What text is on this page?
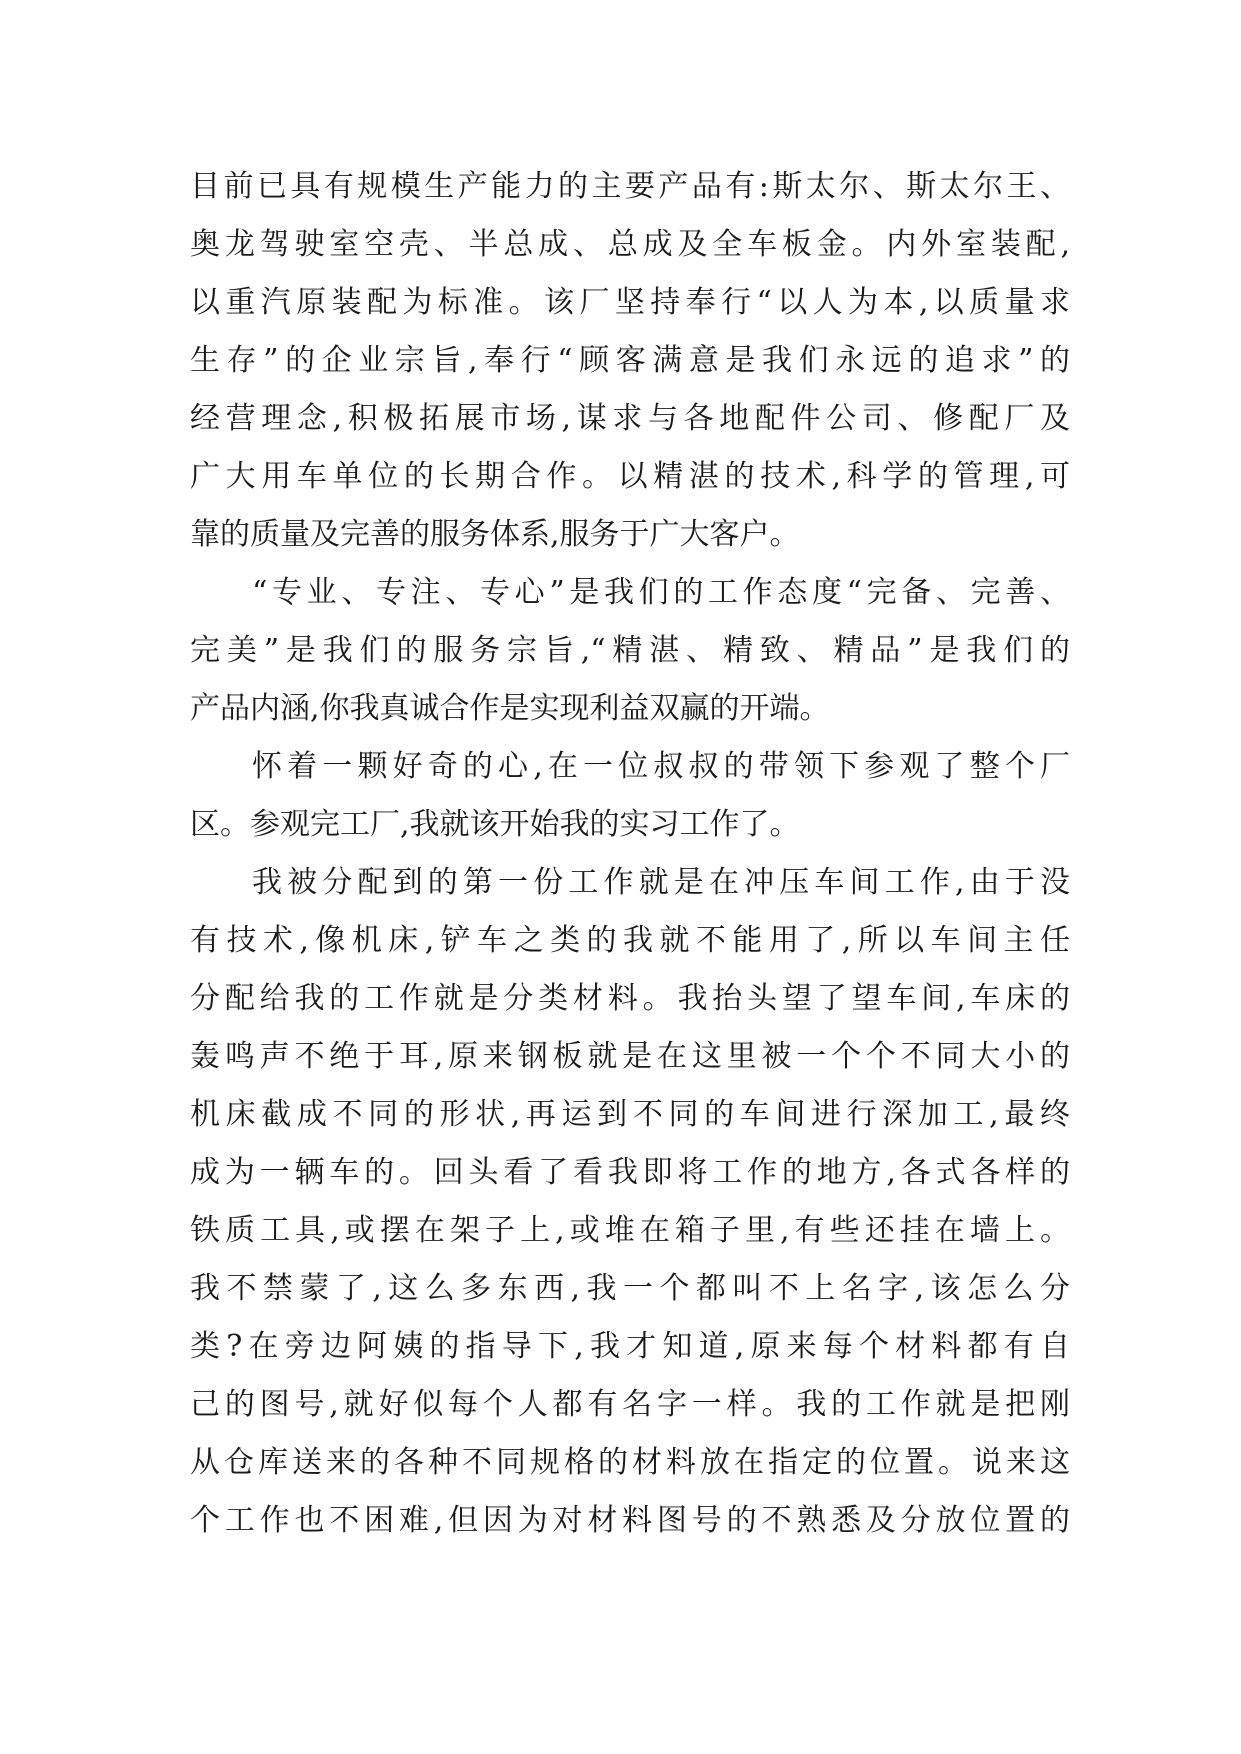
目前已具有规模生产能力的主要产品有:斯太尔、斯太尔王、
奥龙驾驶室空壳、半总成、总成及全车板金。内外室装配,
以重汽原装配为标准。该厂坚持奉行“以人为本,以质量求
生存”的企业宗旨,奉行“顾客满意是我们永远的追求”的
经营理念,积极拓展市场,谋求与各地配件公司、修配厂及
广大用车单位的长期合作。以精湛的技术,科学的管理,可
靠的质量及完善的服务体系,服务于广大客户。
“专业、专注、专心”是我们的工作态度“完备、完善、
完美”是我们的服务宗旨,“精湛、精致、精品”是我们的
产品内涵,你我真诚合作是实现利益双赢的开端。
怀着一颗好奇的心,在一位叔叔的带领下参观了整个厂
区。参观完工厂,我就该开始我的实习工作了。
我被分配到的第一份工作就是在冲压车间工作,由于没
有技术,像机床,铲车之类的我就不能用了,所以车间主任
分配给我的工作就是分类材料。我抬头望了望车间,车床的
轰鸣声不绝于耳,原来钢板就是在这里被一个个不同大小的
机床截成不同的形状,再运到不同的车间进行深加工,最终
成为一辆车的。回头看了看我即将工作的地方,各式各样的
铁质工具,或摆在架子上,或堆在箱子里,有些还挂在墙上。
我不禁蒙了,这么多东西,我一个都叫不上名字,该怎么分
类?在旁边阿姨的指导下,我才知道,原来每个材料都有自
己的图号,就好似每个人都有名字一样。我的工作就是把刚
从仓库送来的各种不同规格的材料放在指定的位置。说来这
个工作也不困难,但因为对材料图号的不熟悉及分放位置的
